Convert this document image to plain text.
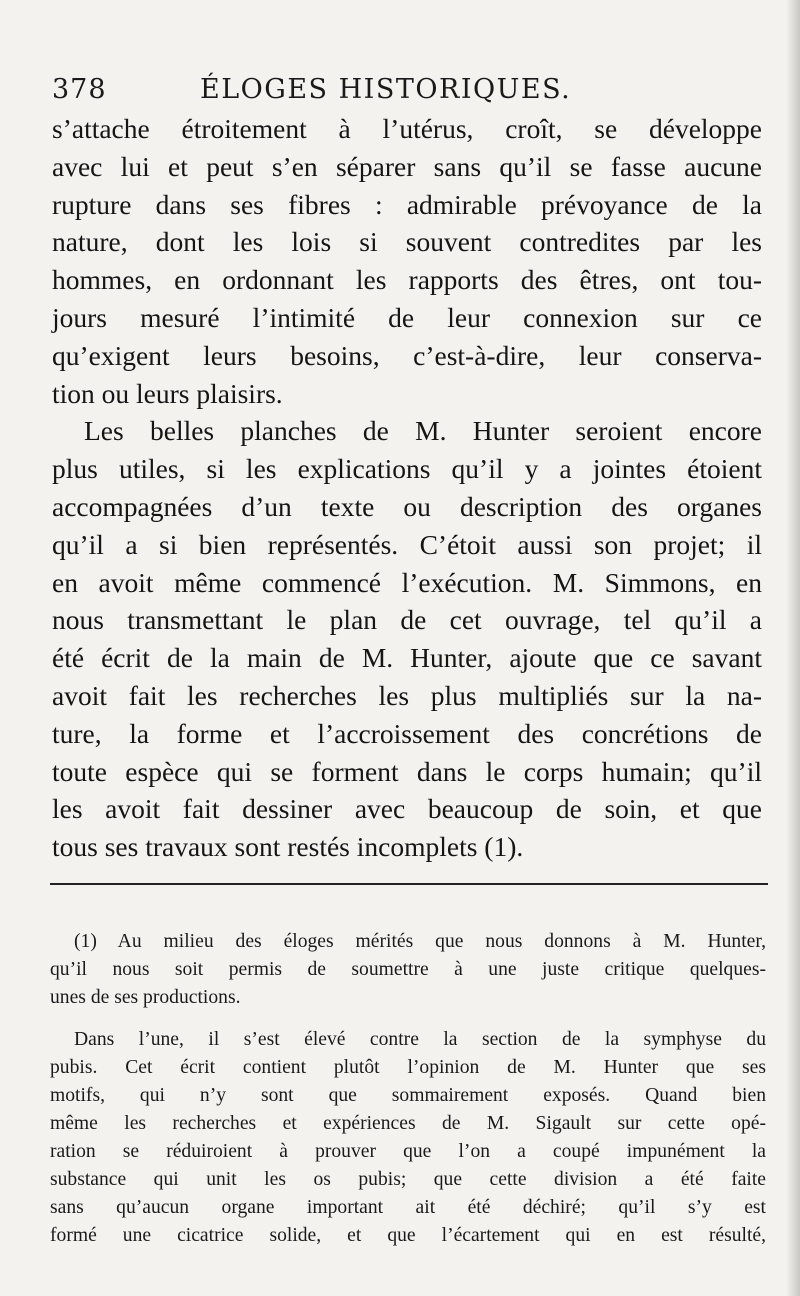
378	ÉLOGES HISTORIQUES.
s’attache étroitement à l’utérus, croît, se développe
avec lui et peut s’en séparer sans qu’il se fasse aucune
rupture dans ses fibres : admirable prévoyance de la
nature, dont les lois si souvent contredites par les
hommes, en ordonnant les rapports des êtres, ont tou-
jours mesuré l’intimité de leur connexion sur ce
qu’exigent leurs besoins, c’est-à-dire, leur conserva-
tion ou leurs plaisirs.
Les belles planches de M. Hunter seroient encore
plus utiles, si les explications qu’il y a jointes étoient
accompagnées d’un texte ou description des organes
qu’il a si bien représentés. C’étoit aussi son projet; il
en avoit même commencé l’exécution. M. Simmons, en
nous transmettant le plan de cet ouvrage, tel qu’il a
été écrit de la main de M. Hunter, ajoute que ce savant
avoit fait les recherches les plus multipliés sur la na-
ture, la forme et l’accroissement des concrétions de
toute espèce qui se forment dans le corps humain; qu’il
les avoit fait dessiner avec beaucoup de soin, et que
tous ses travaux sont restés incomplets (1).
(1) Au milieu des éloges mérités que nous donnons à M. Hunter,
qu’il nous soit permis de soumettre à une juste critique quelques-
unes de ses productions.
Dans l’une, il s’est élevé contre la section de la symphyse du
pubis. Cet écrit contient plutôt l’opinion de M. Hunter que ses
motifs, qui n’y sont que sommairement exposés. Quand bien
même les recherches et expériences de M. Sigault sur cette opé-
ration se réduiroient à prouver que l’on a coupé impunément la
substance qui unit les os pubis; que cette division a été faite
sans qu’aucun organe important ait été déchiré; qu’il s’y est
formé une cicatrice solide, et que l’écartement qui en est résulté,
